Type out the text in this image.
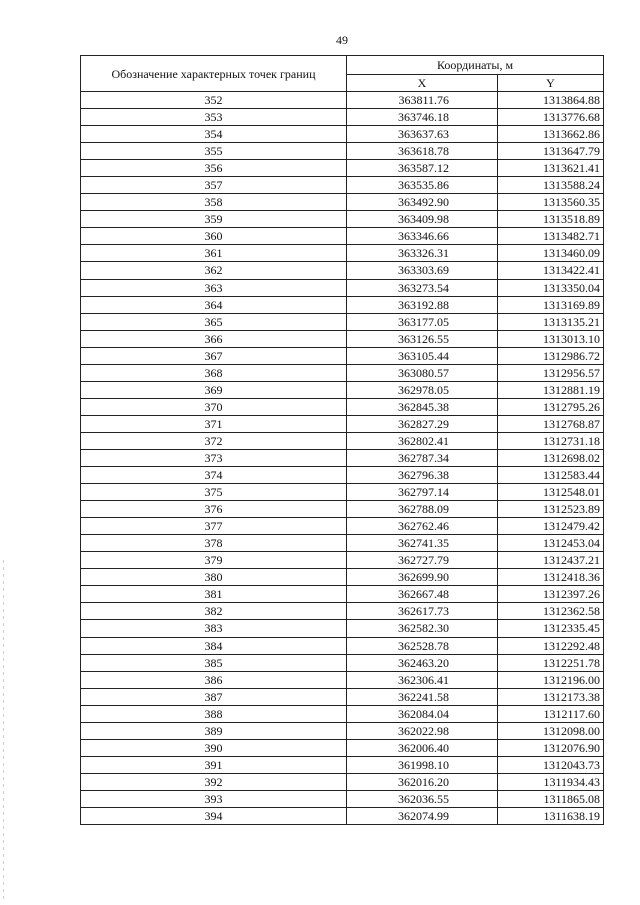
49
Обозначение характерных точек границ	Координаты, м	
	X	Y
352	363811.76	1313864.88
353	363746.18	1313776.68
354	363637.63	1313662.86
355	363618.78	1313647.79
356	363587.12	1313621.41
357	363535.86	1313588.24
358	363492.90	1313560.35
359	363409.98	1313518.89
360	363346.66	1313482.71
361	363326.31	1313460.09
362	363303.69	1313422.41
363	363273.54	1313350.04
364	363192.88	1313169.89
365	363177.05	1313135.21
366	363126.55	1313013.10
367	363105.44	1312986.72
368	363080.57	1312956.57
369	362978.05	1312881.19
370	362845.38	1312795.26
371	362827.29	1312768.87
372	362802.41	1312731.18
373	362787.34	1312698.02
374	362796.38	1312583.44
375	362797.14	1312548.01
376	362788.09	1312523.89
377	362762.46	1312479.42
378	362741.35	1312453.04
379	362727.79	1312437.21
380	362699.90	1312418.36
381	362667.48	1312397.26
382	362617.73	1312362.58
383	362582.30	1312335.45
384	362528.78	1312292.48
385	362463.20	1312251.78
386	362306.41	1312196.00
387	362241.58	1312173.38
388	362084.04	1312117.60
389	362022.98	1312098.00
390	362006.40	1312076.90
391	361998.10	1312043.73
392	362016.20	1311934.43
393	362036.55	1311865.08
394	362074.99	1311638.19
